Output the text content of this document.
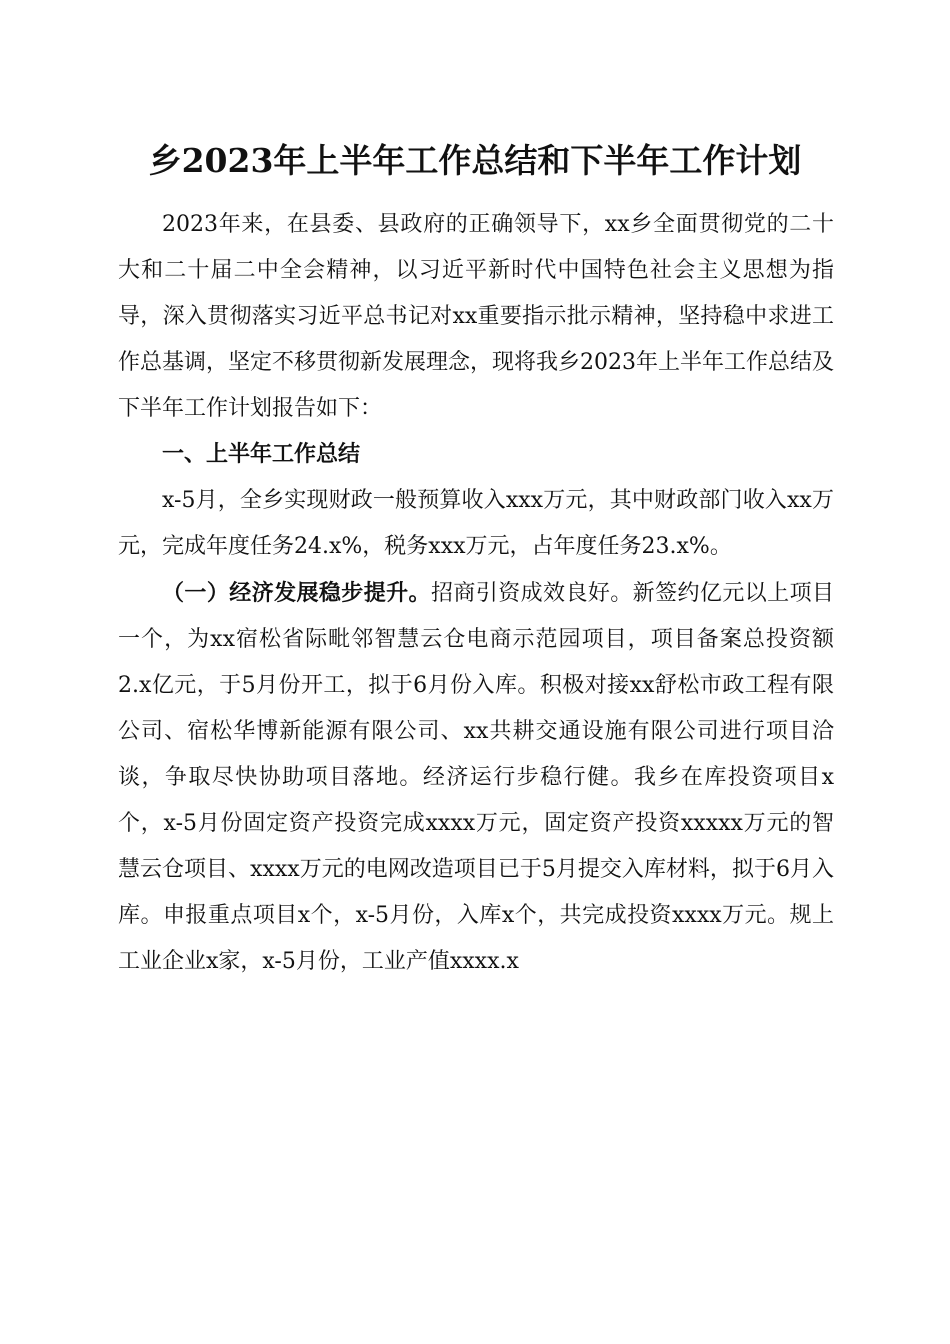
乡2023年上半年工作总结和下半年工作计划

2023年来，在县委、县政府的正确领导下，xx乡全面贯彻党的二十大和二十届二中全会精神，以习近平新时代中国特色社会主义思想为指导，深入贯彻落实习近平总书记对xx重要指示批示精神，坚持稳中求进工作总基调，坚定不移贯彻新发展理念，现将我乡2023年上半年工作总结及下半年工作计划报告如下：

一、上半年工作总结

x-5月，全乡实现财政一般预算收入xxx万元，其中财政部门收入xx万元，完成年度任务24.x%，税务xxx万元，占年度任务23.x%。

（一）经济发展稳步提升。招商引资成效良好。新签约亿元以上项目一个，为xx宿松省际毗邻智慧云仓电商示范园项目，项目备案总投资额2.x亿元，于5月份开工，拟于6月份入库。积极对接xx舒松市政工程有限公司、宿松华博新能源有限公司、xx共耕交通设施有限公司进行项目洽谈，争取尽快协助项目落地。经济运行步稳行健。我乡在库投资项目x个，x-5月份固定资产投资完成xxxx万元，固定资产投资xxxxx万元的智慧云仓项目、xxxx万元的电网改造项目已于5月提交入库材料，拟于6月入库。申报重点项目x个，x-5月份，入库x个，共完成投资xxxx万元。规上工业企业x家，x-5月份，工业产值xxxx.x
